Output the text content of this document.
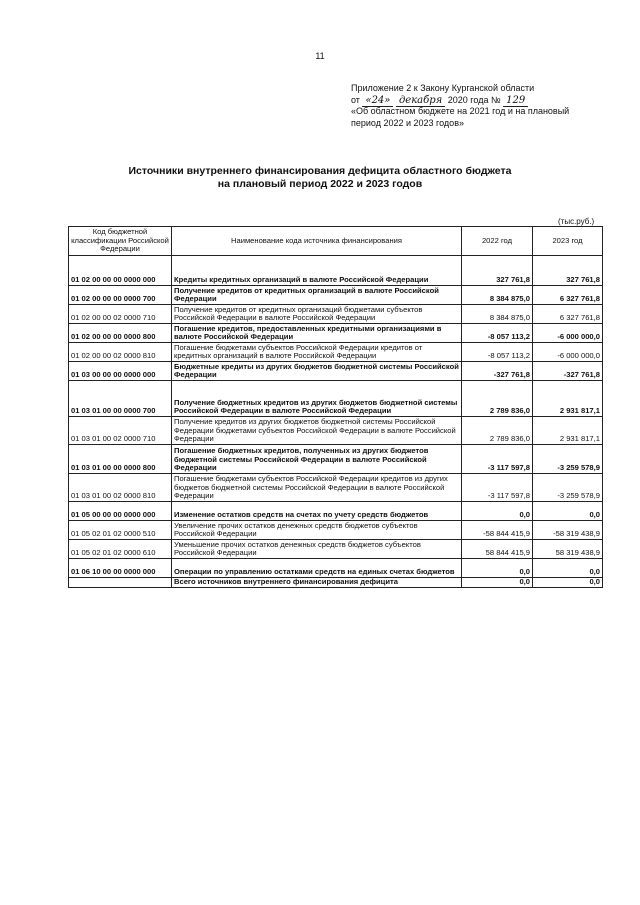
11
Приложение 2 к Закону Курганской области
от «24» декабря 2020 года № 129
«Об областном бюджете на 2021 год и на плановый
период 2022 и 2023 годов»
Источники внутреннего финансирования дефицита областного бюджета
на плановый период 2022 и 2023 годов
(тыс.руб.)
Код бюджетной классификации Российской Федерации	Наименование кода источника финансирования	2022 год	2023 год
01 02 00 00 00 0000 000	Кредиты кредитных организаций в валюте Российской Федерации	327 761,8	327 761,8
01 02 00 00 00 0000 700	Получение кредитов от кредитных организаций в валюте Российской Федерации	8 384 875,0	6 327 761,8
01 02 00 00 02 0000 710	Получение кредитов от кредитных организаций бюджетами субъектов Российской Федерации в валюте Российской Федерации	8 384 875,0	6 327 761,8
01 02 00 00 00 0000 800	Погашение кредитов, предоставленных кредитными организациями в валюте Российской Федерации	-8 057 113,2	-6 000 000,0
01 02 00 00 02 0000 810	Погашение бюджетами субъектов Российской Федерации кредитов от кредитных организаций в валюте Российской Федерации	-8 057 113,2	-6 000 000,0
01 03 00 00 00 0000 000	Бюджетные кредиты из других бюджетов бюджетной системы Российской Федерации	-327 761,8	-327 761,8
01 03 01 00 00 0000 700	Получение бюджетных кредитов из других бюджетов бюджетной системы Российской Федерации в валюте Российской Федерации	2 789 836,0	2 931 817,1
01 03 01 00 02 0000 710	Получение кредитов из других бюджетов бюджетной системы Российской Федерации бюджетами субъектов Российской Федерации в валюте Российской Федерации	2 789 836,0	2 931 817,1
01 03 01 00 00 0000 800	Погашение бюджетных кредитов, полученных из других бюджетов бюджетной системы Российской Федерации в валюте Российской Федерации	-3 117 597,8	-3 259 578,9
01 03 01 00 02 0000 810	Погашение бюджетами субъектов Российской Федерации кредитов из других бюджетов бюджетной системы Российской Федерации в валюте Российской Федерации	-3 117 597,8	-3 259 578,9
01 05 00 00 00 0000 000	Изменение остатков средств на счетах по учету средств бюджетов	0,0	0,0
01 05 02 01 02 0000 510	Увеличение прочих остатков денежных средств бюджетов субъектов Российской Федерации	-58 844 415,9	-58 319 438,9
01 05 02 01 02 0000 610	Уменьшение прочих остатков денежных средств бюджетов субъектов Российской Федерации	58 844 415,9	58 319 438,9
01 06 10 00 00 0000 000	Операции по управлению остатками средств на единых счетах бюджетов	0,0	0,0
	Всего источников внутреннего финансирования дефицита	0,0	0,0
